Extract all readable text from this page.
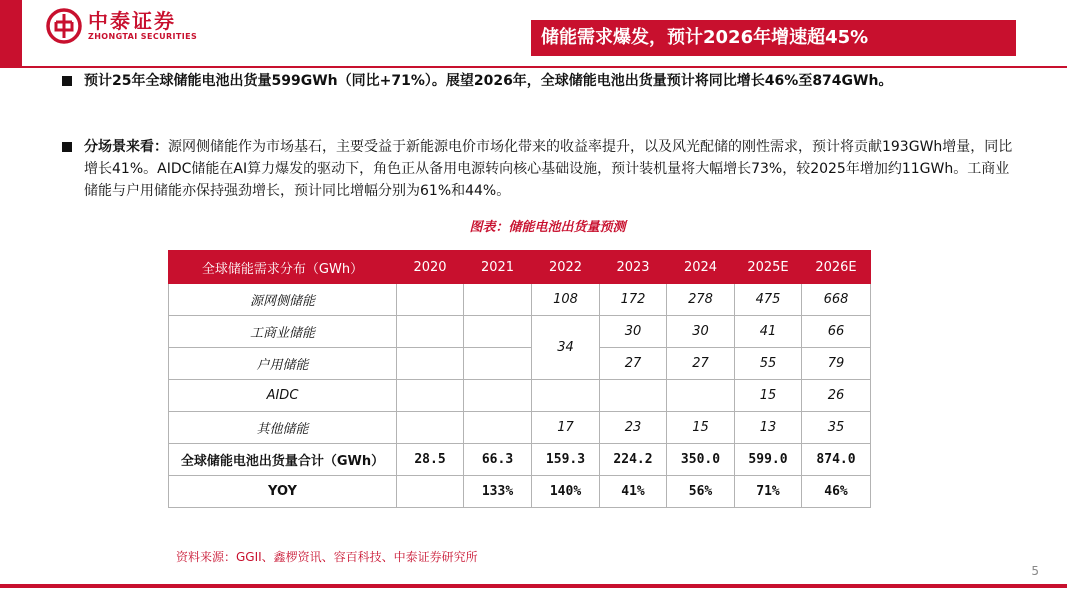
中泰证券
ZHONGTAI SECURITIES	储能需求爆发，预计2026年增速超45%
预计25年全球储能电池出货量599GWh（同比+71%）。展望2026年，全球储能电池出货量预计将同比增长46%至874GWh。
分场景来看：源网侧储能作为市场基石，主要受益于新能源电价市场化带来的收益率提升，以及风光配储的刚性需求，预计将贡献193GWh增量，同比增长41%。AIDC储能在AI算力爆发的驱动下，角色正从备用电源转向核心基础设施，预计装机量将大幅增长73%，较2025年增加约11GWh。工商业储能与户用储能亦保持强劲增长，预计同比增幅分别为61%和44%。
图表：储能电池出货量预测
全球储能需求分布（GWh）	2020	2021	2022	2023	2024	2025E	2026E
源网侧储能			108	172	278	475	668
工商业储能			34	30	30	41	66
户用储能				27	27	55	79
AIDC						15	26
其他储能			17	23	15	13	35
全球储能电池出货量合计（GWh）	28.5	66.3	159.3	224.2	350.0	599.0	874.0
YOY		133%	140%	41%	56%	71%	46%
资料来源：GGII、鑫椤资讯、容百科技、中泰证券研究所
5
